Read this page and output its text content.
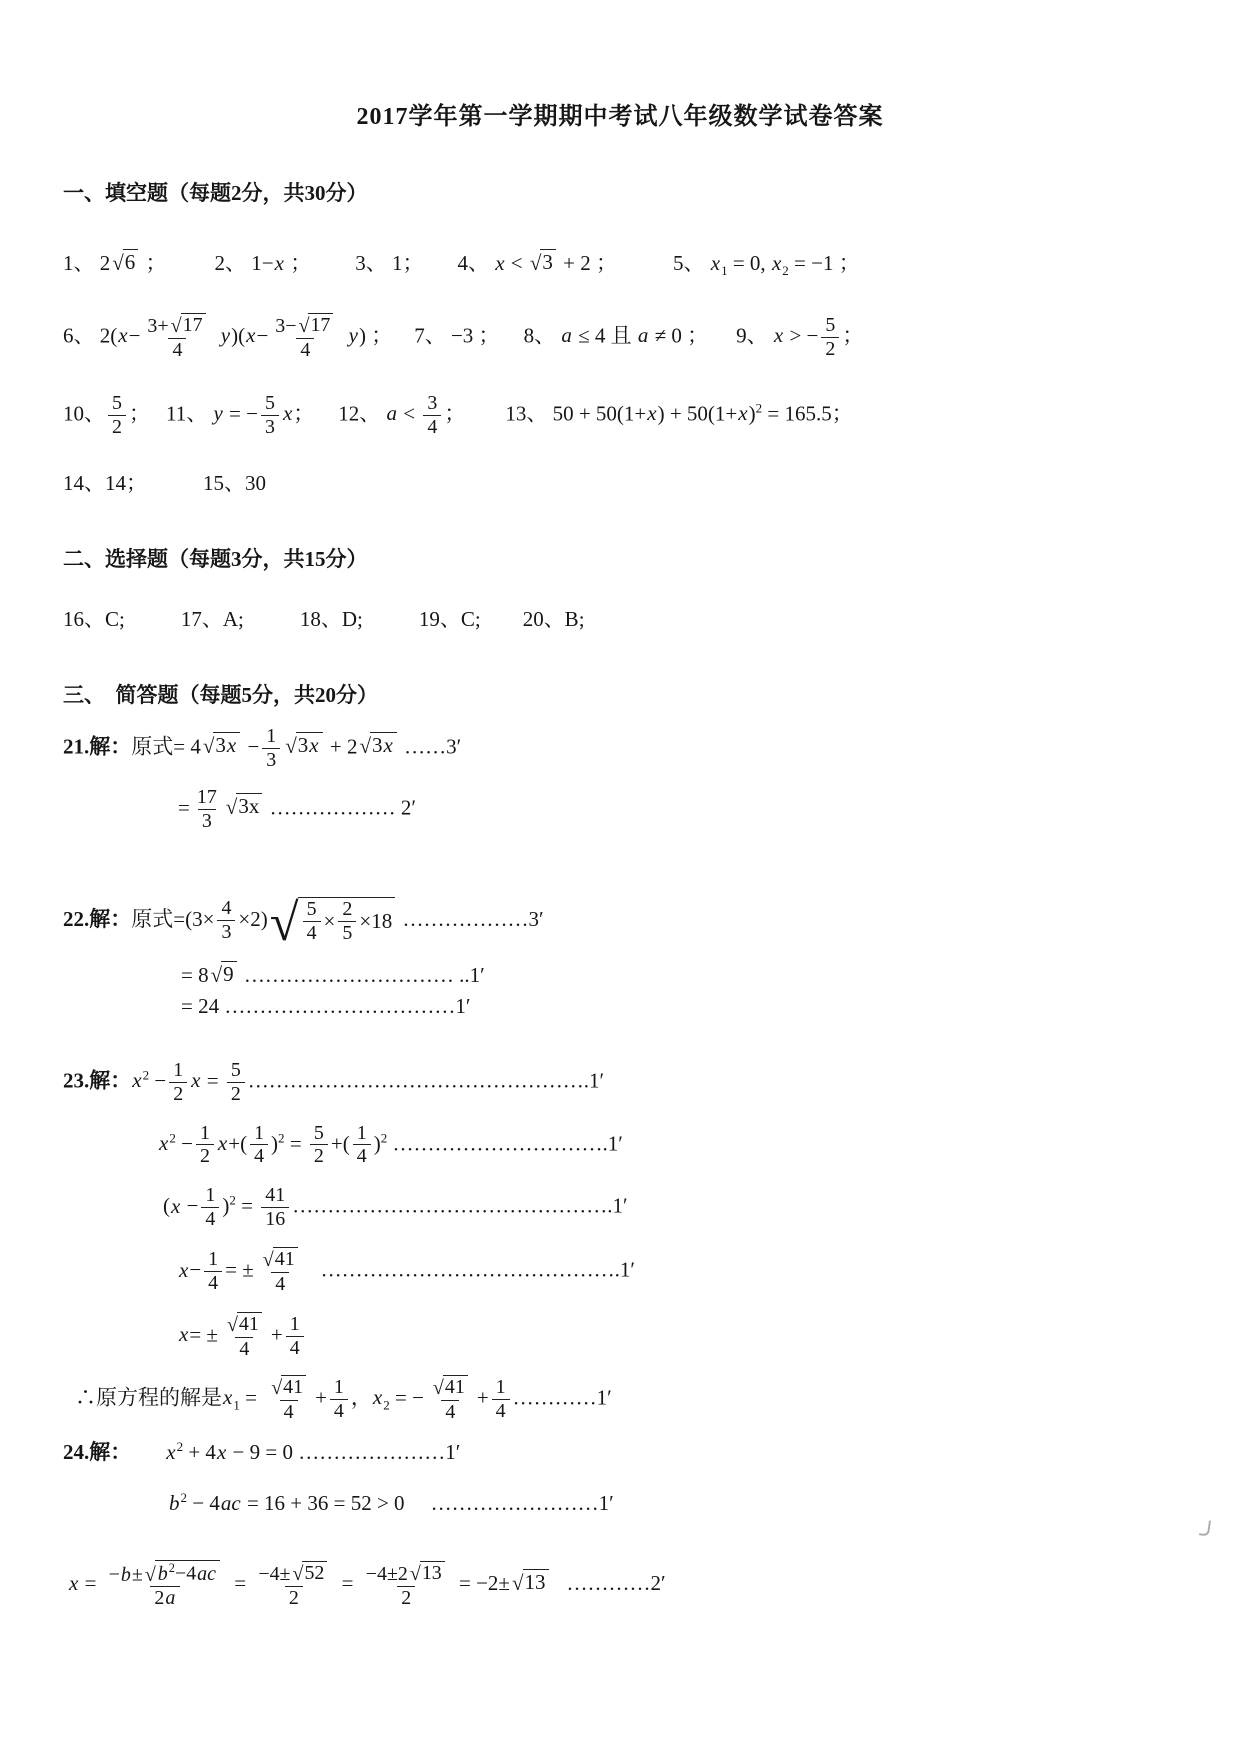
2017学年第一学期期中考试八年级数学试卷答案
一、填空题（每题2分，共30分）
1、 2 √ 6 ； 2、 1−x ； 3、 1； 4、 x < √ 3 + 2 ；	5、 $x_1 = 0$, $x_2 = -1$ ；
6、 $2(x- \frac{3+ √ 17}{4} y)(x- \frac{3- √ 17}{4} y)$ ； 7、 −3 ； 8、 a ≤ 4 且 a ≠ 0 ； 9、 x > − $\frac{5}{2}$ ；
10、 $\frac{5}{2}$ ； 11、 y = − $\frac{5}{3}$ x； 12、 $a < \frac{3}{4}$ ； 13、 $50 + 50(1+x) + 50(1+x)^2 = 165.5$；
14、14；	15、30
二、选择题（每题3分，共15分）
16、C;	17、A;	18、D;	19、C; 20、B;
三、　简答题（每题5分，共20分）
21.解：原式= 4 √ $3x - \frac{1}{3}$ √ 3x + 2 √ 3x ……3′
= $\frac{17}{3}$ √ 3x ……………… 2′
22.解：原式$=(3\times \frac{4}{3} \times 2)$ √ $\frac{5}{4} \times \frac{2}{5} \times 18$ ………………3′
= 8 √ 9 ………………………… ..1′
= 24 ……………………………1′
23.解：$x^2 - \frac{1}{2}$ $x = \frac{5}{2}$ ………………………………………….1′
$x^2 - \frac{1}{2} x+( \frac{1}{4} )^2 = \frac{5}{2}$ +( $\frac{1}{4} )^2$ ………………………….1′
$(x - \frac{1}{4} )^2 = \frac{41}{16}$ ……………………………………….1′
$x- \frac{1}{4}$ = ± $\frac{√ 41}{4}$ …………………………………….1′
$x= \pm \frac{√ 41}{4} + \frac{1}{4}$
∴原方程的解是$x_1 = \frac{√ 41}{4} + \frac{1}{4}$ ，$x_2$ = − $\frac{√ 41}{4} + \frac{1}{4}$ …………1′
24.解： $x^2 + 4x - 9 = 0$ …………………1′
$b^2 - 4ac = 16 + 36 = 52 > 0$ ……………………1′
$x = \frac{-b\pm √ b^2-4ac}{2a} = \frac{-4\pm √ 52}{2} = \frac{-4\pm 2 √ 13}{2} = -2\pm$ √ 13 …………2′
